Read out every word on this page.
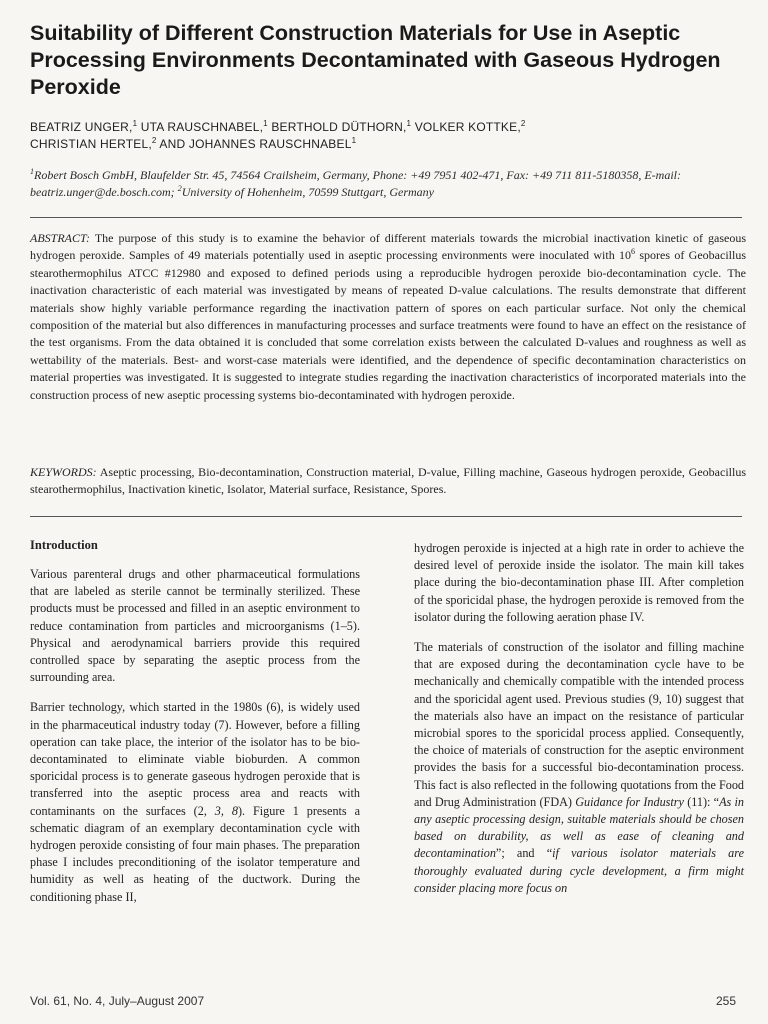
Suitability of Different Construction Materials for Use in Aseptic Processing Environments Decontaminated with Gaseous Hydrogen Peroxide

BEATRIZ UNGER,$^1$ UTA RAUSCHNABEL,$^1$ BERTHOLD DÜTHORN,$^1$ VOLKER KOTTKE,$^2$
CHRISTIAN HERTEL,$^2$ AND JOHANNES RAUSCHNABEL$^1$

$^1$Robert Bosch GmbH, Blaufelder Str. 45, 74564 Crailsheim, Germany, Phone: +49 7951 402-471, Fax: +49 711 811-5180358, E-mail: beatriz.unger@de.bosch.com; $^2$University of Hohenheim, 70599 Stuttgart, Germany

ABSTRACT: The purpose of this study is to examine the behavior of different materials towards the microbial inactivation kinetic of gaseous hydrogen peroxide. Samples of 49 materials potentially used in aseptic processing environments were inoculated with $10^6$ spores of Geobacillus stearothermophilus ATCC #12980 and exposed to defined periods using a reproducible hydrogen peroxide bio-decontamination cycle. The inactivation characteristic of each material was investigated by means of repeated D-value calculations. The results demonstrate that different materials show highly variable performance regarding the inactivation pattern of spores on each particular surface. Not only the chemical composition of the material but also differences in manufacturing processes and surface treatments were found to have an effect on the resistance of the test organisms. From the data obtained it is concluded that some correlation exists between the calculated D-values and roughness as well as wettability of the materials. Best- and worst-case materials were identified, and the dependence of specific decontamination characteristics on material properties was investigated. It is suggested to integrate studies regarding the inactivation characteristics of incorporated materials into the construction process of new aseptic processing systems bio-decontaminated with hydrogen peroxide.

KEYWORDS: Aseptic processing, Bio-decontamination, Construction material, D-value, Filling machine, Gaseous hydrogen peroxide, Geobacillus stearothermophilus, Inactivation kinetic, Isolator, Material surface, Resistance, Spores.

Introduction

Various parenteral drugs and other pharmaceutical formulations that are labeled as sterile cannot be terminally sterilized. These products must be processed and filled in an aseptic environment to reduce contamination from particles and microorganisms (1–5). Physical and aerodynamical barriers provide this required controlled space by separating the aseptic process from the surrounding area.

Barrier technology, which started in the 1980s (6), is widely used in the pharmaceutical industry today (7). However, before a filling operation can take place, the interior of the isolator has to be bio-decontaminated to eliminate viable bioburden. A common sporicidal process is to generate gaseous hydrogen peroxide that is transferred into the aseptic process area and reacts with contaminants on the surfaces (2, 3, 8). Figure 1 presents a schematic diagram of an exemplary decontamination cycle with hydrogen peroxide consisting of four main phases. The preparation phase I includes preconditioning of the isolator temperature and humidity as well as heating of the ductwork. During the conditioning phase II,

hydrogen peroxide is injected at a high rate in order to achieve the desired level of peroxide inside the isolator. The main kill takes place during the bio-decontamination phase III. After completion of the sporicidal phase, the hydrogen peroxide is removed from the isolator during the following aeration phase IV.

The materials of construction of the isolator and filling machine that are exposed during the decontamination cycle have to be mechanically and chemically compatible with the intended process and the sporicidal agent used. Previous studies (9, 10) suggest that the materials also have an impact on the resistance of particular microbial spores to the sporicidal process applied. Consequently, the choice of materials of construction for the aseptic environment provides the basis for a successful bio-decontamination process. This fact is also reflected in the following quotations from the Food and Drug Administration (FDA) Guidance for Industry (11): “As in any aseptic processing design, suitable materials should be chosen based on durability, as well as ease of cleaning and decontamination”; and “if various isolator materials are thoroughly evaluated during cycle development, a firm might consider placing more focus on

Vol. 61, No. 4, July–August 2007	255
